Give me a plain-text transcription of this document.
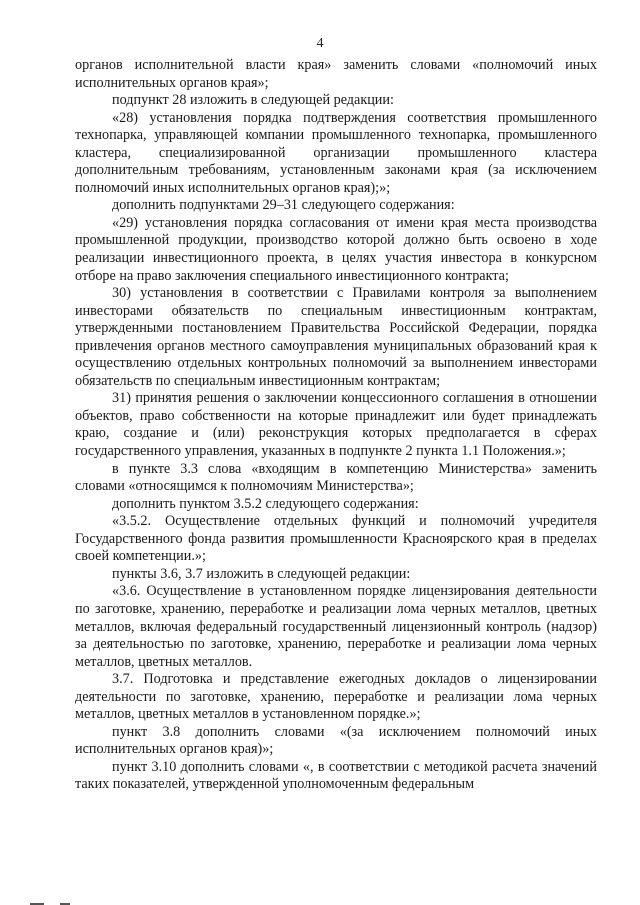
4

органов исполнительной власти края» заменить словами «полномочий иных исполнительных органов края»;

подпункт 28 изложить в следующей редакции:

«28) установления порядка подтверждения соответствия промышленного технопарка, управляющей компании промышленного технопарка, промышленного кластера, специализированной организации промышленного кластера дополнительным требованиям, установленным законами края (за исключением полномочий иных исполнительных органов края);»;

дополнить подпунктами 29–31 следующего содержания:

«29) установления порядка согласования от имени края места производства промышленной продукции, производство которой должно быть освоено в ходе реализации инвестиционного проекта, в целях участия инвестора в конкурсном отборе на право заключения специального инвестиционного контракта;

30) установления в соответствии с Правилами контроля за выполнением инвесторами обязательств по специальным инвестиционным контрактам, утвержденными постановлением Правительства Российской Федерации, порядка привлечения органов местного самоуправления муниципальных образований края к осуществлению отдельных контрольных полномочий за выполнением инвесторами обязательств по специальным инвестиционным контрактам;

31) принятия решения о заключении концессионного соглашения в отношении объектов, право собственности на которые принадлежит или будет принадлежать краю, создание и (или) реконструкция которых предполагается в сферах государственного управления, указанных в подпункте 2 пункта 1.1 Положения.»;

в пункте 3.3 слова «входящим в компетенцию Министерства» заменить словами «относящимся к полномочиям Министерства»;

дополнить пунктом 3.5.2 следующего содержания:

«3.5.2. Осуществление отдельных функций и полномочий учредителя Государственного фонда развития промышленности Красноярского края в пределах своей компетенции.»;

пункты 3.6, 3.7 изложить в следующей редакции:

«3.6. Осуществление в установленном порядке лицензирования деятельности по заготовке, хранению, переработке и реализации лома черных металлов, цветных металлов, включая федеральный государственный лицензионный контроль (надзор) за деятельностью по заготовке, хранению, переработке и реализации лома черных металлов, цветных металлов.

3.7. Подготовка и представление ежегодных докладов о лицензировании деятельности по заготовке, хранению, переработке и реализации лома черных металлов, цветных металлов в установленном порядке.»;

пункт 3.8 дополнить словами «(за исключением полномочий иных исполнительных органов края)»;

пункт 3.10 дополнить словами «, в соответствии с методикой расчета значений таких показателей, утвержденной уполномоченным федеральным
